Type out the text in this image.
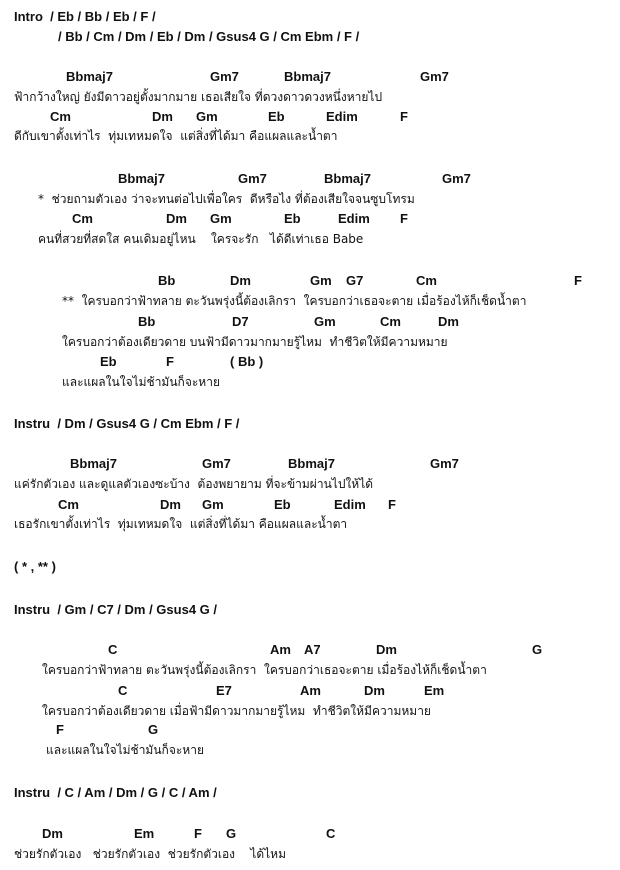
Intro  / Eb / Bb / Eb / F /
/ Bb / Cm / Dm / Eb / Dm / Gsus4 G / Cm Ebm / F /
Bbmaj7	Gm7	Bbmaj7	Gm7
ฟ้ากว้างใหญ่ ยังมีดาวอยู่ตั้งมากมาย เธอเสียใจ ที่ดวงดาวดวงหนึ่งหายไป
Cm	Dm Gm	Eb	Edim	F
ดีกับเขาตั้งเท่าไร  ทุ่มเทหมดใจ  แต่สิ่งที่ได้มา คือแผลและน้ำตา
Bbmaj7	Gm7	Bbmaj7	Gm7
*  ช่วยถามตัวเอง ว่าจะทนต่อไปเพื่อใคร  ดีหรือไง ที่ต้องเสียใจจนซูบโทรม
Cm	Dm Gm	Eb	Edim F
คนที่สวยที่สดใส คนเดิมอยู่ไหน    ใครจะรัก   ได้ดีเท่าเธอ Babe
Bb	Dm	Gm G7	Cm	F
**  ใครบอกว่าฟ้าทลาย ตะวันพรุ่งนี้ต้องเลิกรา  ใครบอกว่าเธอจะตาย เมื่อร้องไห้ก็เช็ดน้ำตา
Bb	D7	Gm	Cm	Dm
ใครบอกว่าต้องเดียวดาย บนฟ้ามีดาวมากมายรู้ไหม  ทำชีวิตให้มีความหมาย
Eb	F	( Bb )
และแผลในใจไม่ช้ามันก็จะหาย
Instru  / Dm / Gsus4 G / Cm Ebm / F /
Bbmaj7	Gm7	Bbmaj7	Gm7
แค่รักตัวเอง และดูแลตัวเองซะบ้าง  ต้องพยายาม ที่จะข้ามผ่านไปให้ได้
Cm	Dm Gm	Eb	Edim F
เธอรักเขาตั้งเท่าไร  ทุ่มเทหมดใจ  แต่สิ่งที่ได้มา คือแผลและน้ำตา
( * , ** )
Instru  / Gm / C7 / Dm / Gsus4 G /
C	Am A7	Dm	G
ใครบอกว่าฟ้าทลาย ตะวันพรุ่งนี้ต้องเลิกรา  ใครบอกว่าเธอจะตาย เมื่อร้องไห้ก็เช็ดน้ำตา
C	E7	Am	Dm	Em
ใครบอกว่าต้องเดียวดาย เมื่อฟ้ามีดาวมากมายรู้ไหม  ทำชีวิตให้มีความหมาย
F	G
และแผลในใจไม่ช้ามันก็จะหาย
Instru  / C / Am / Dm / G / C / Am /
Dm	Em	F G	C
ช่วยรักตัวเอง   ช่วยรักตัวเอง  ช่วยรักตัวเอง    ได้ไหม
